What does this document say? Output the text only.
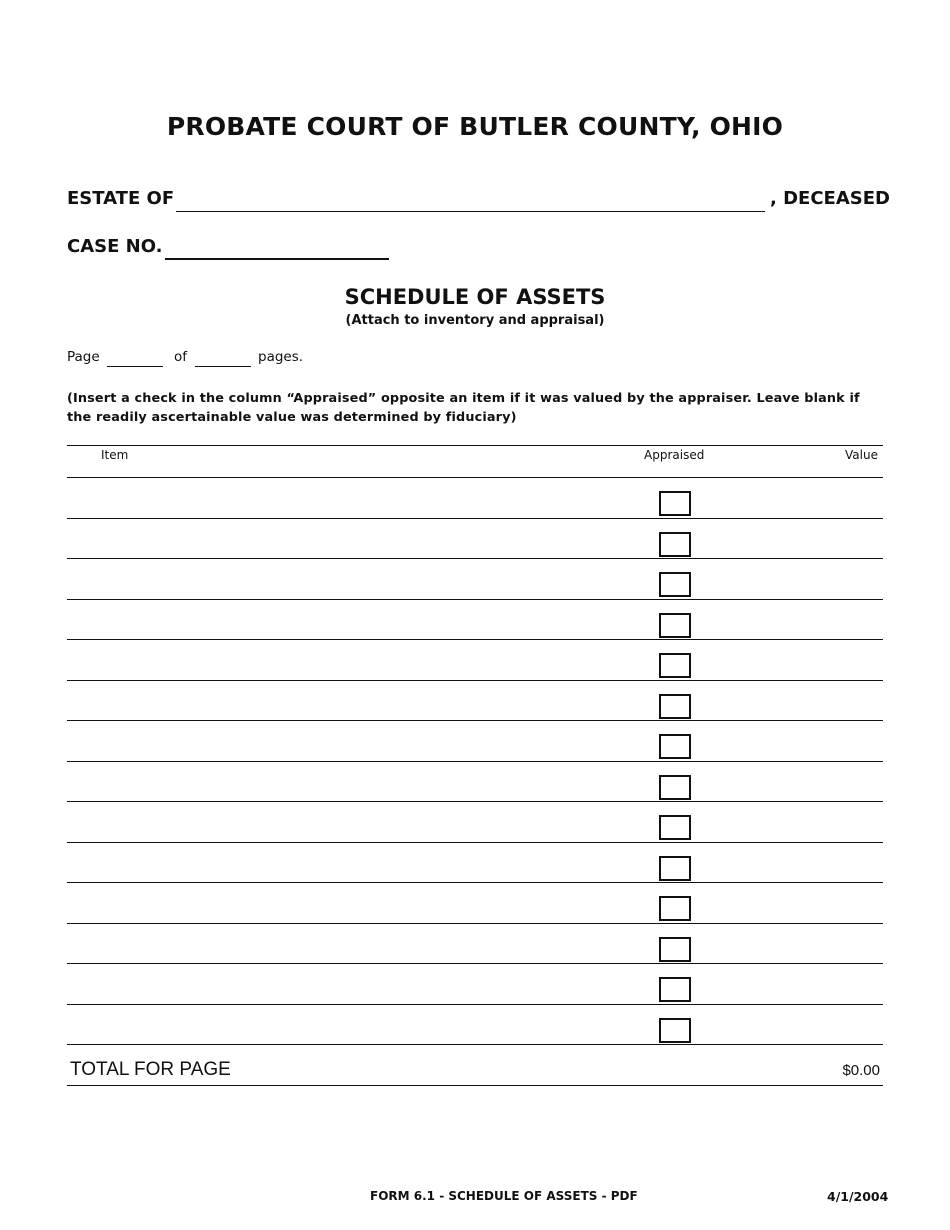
PROBATE COURT OF BUTLER COUNTY, OHIO
ESTATE OF	, DECEASED
CASE NO.
SCHEDULE OF ASSETS
(Attach to inventory and appraisal)
Page	of	pages.
(Insert a check in the column “Appraised” opposite an item if it was valued by the appraiser. Leave blank if the readily ascertainable value was determined by fiduciary)
Item	Appraised	Value
TOTAL FOR PAGE	$0.00
FORM 6.1 - SCHEDULE OF ASSETS - PDF	4/1/2004
